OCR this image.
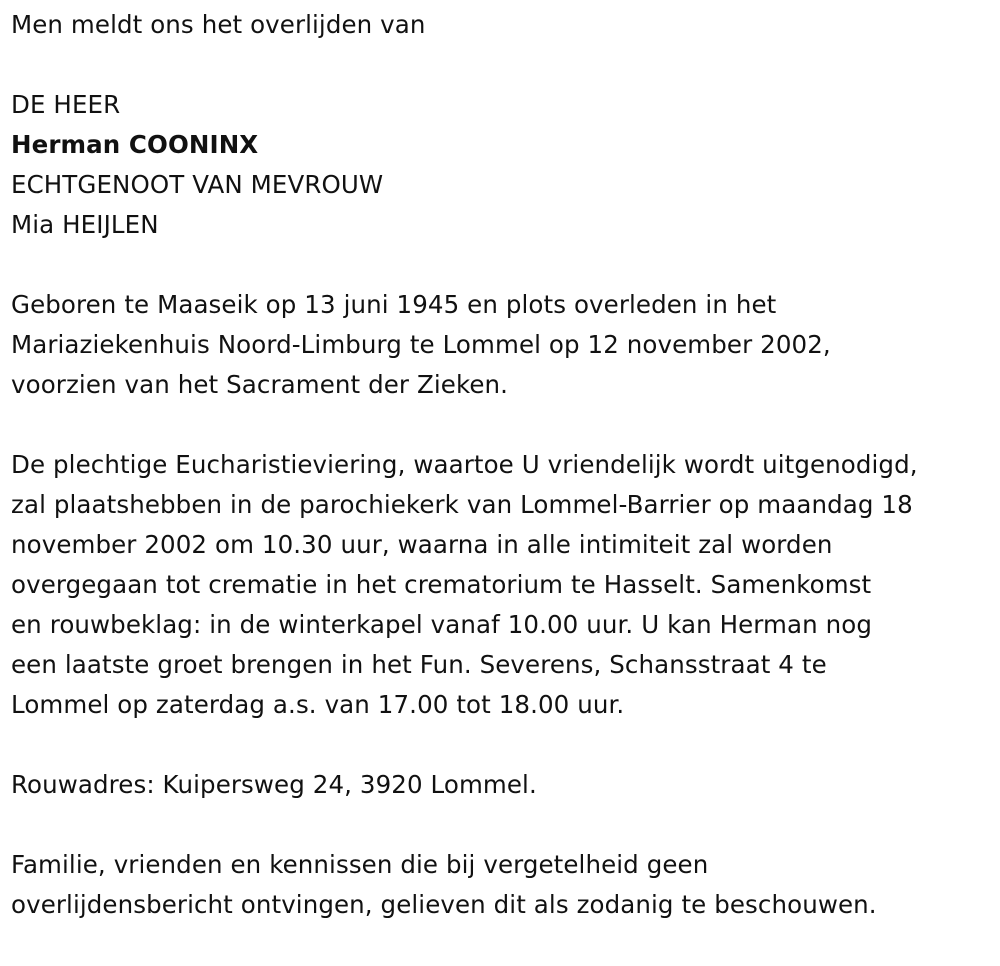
Men meldt ons het overlijden van
DE HEER
Herman COONINX
ECHTGENOOT VAN MEVROUW
Mia HEIJLEN
Geboren te Maaseik op 13 juni 1945 en plots overleden in het
Mariaziekenhuis Noord-Limburg te Lommel op 12 november 2002,
voorzien van het Sacrament der Zieken.
De plechtige Eucharistieviering, waartoe U vriendelijk wordt uitgenodigd,
zal plaatshebben in de parochiekerk van Lommel-Barrier op maandag 18
november 2002 om 10.30 uur, waarna in alle intimiteit zal worden
overgegaan tot crematie in het crematorium te Hasselt. Samenkomst
en rouwbeklag: in de winterkapel vanaf 10.00 uur. U kan Herman nog
een laatste groet brengen in het Fun. Severens, Schansstraat 4 te
Lommel op zaterdag a.s. van 17.00 tot 18.00 uur.
Rouwadres: Kuipersweg 24, 3920 Lommel.
Familie, vrienden en kennissen die bij vergetelheid geen
overlijdensbericht ontvingen, gelieven dit als zodanig te beschouwen.
